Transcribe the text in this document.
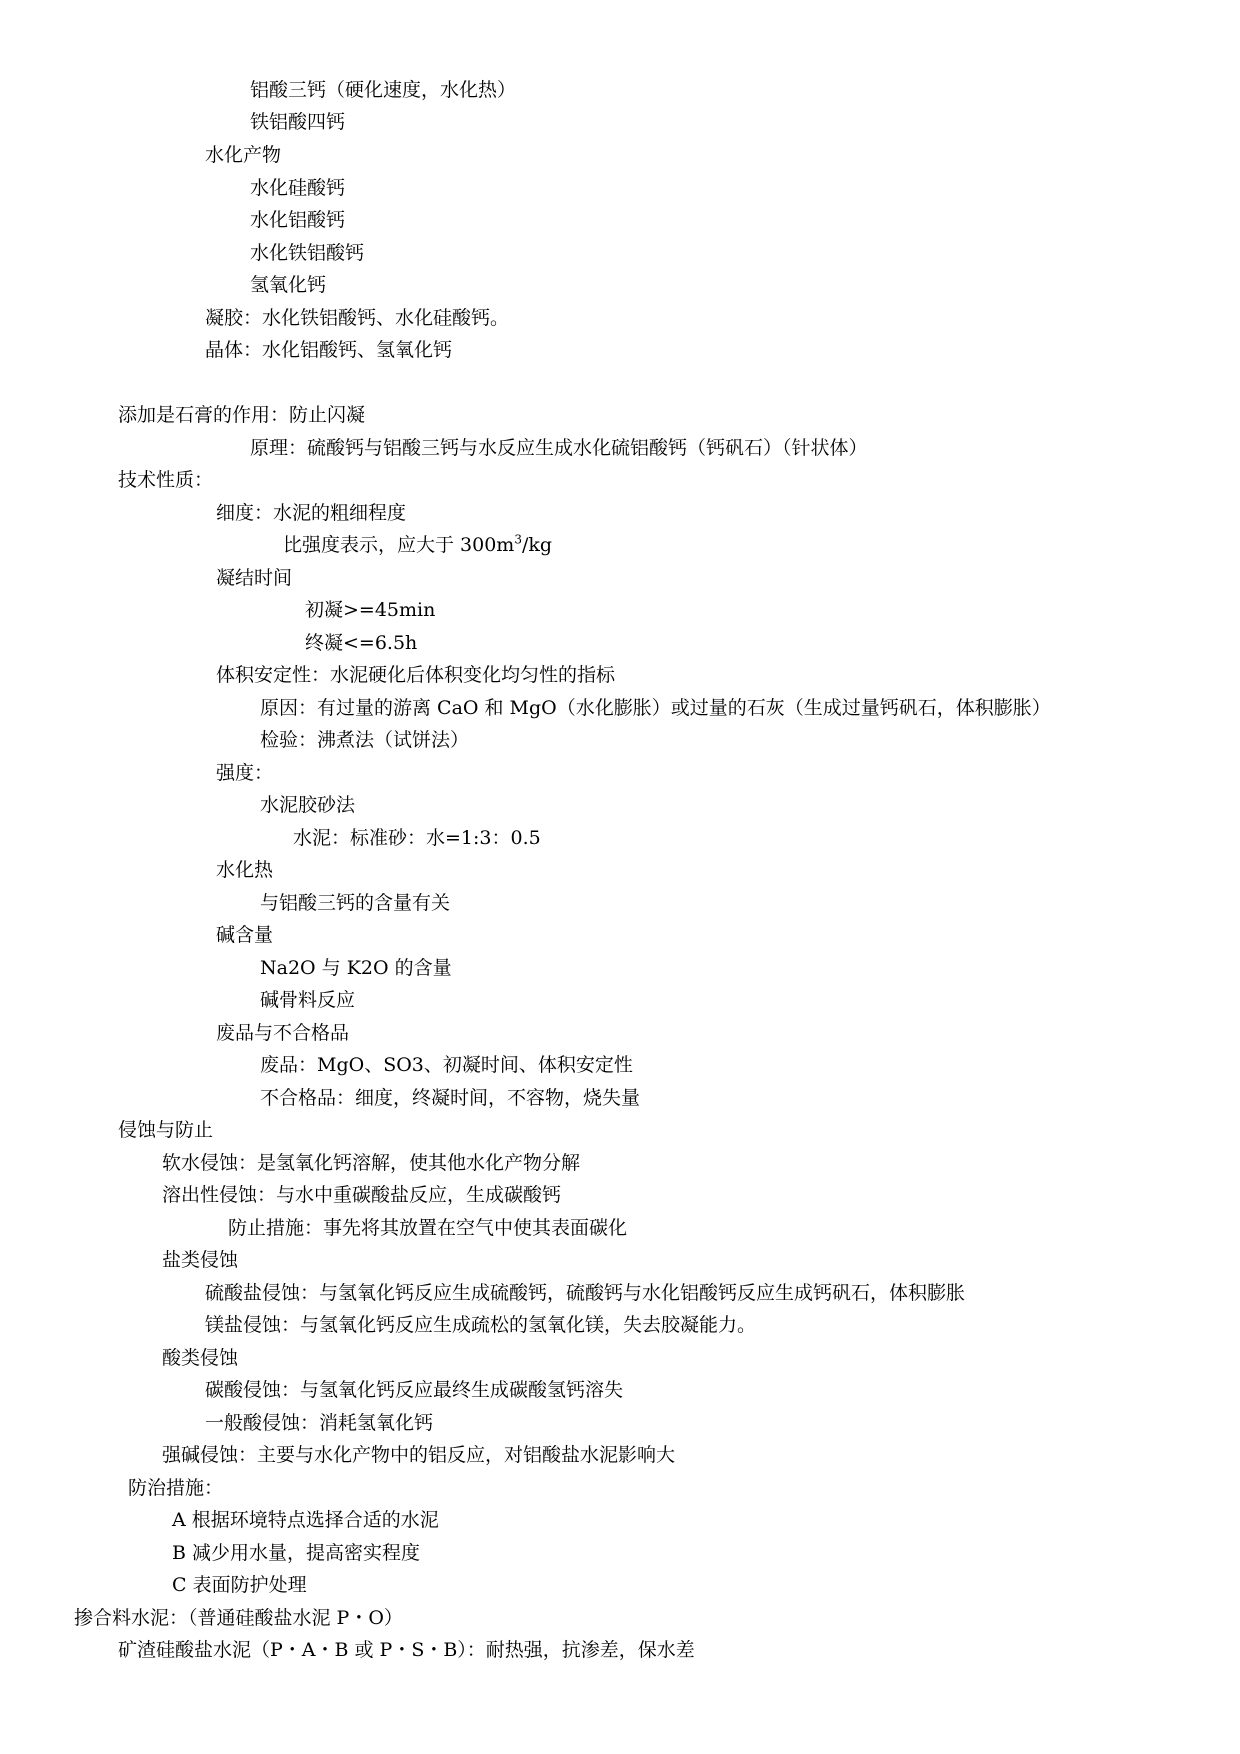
铝酸三钙（硬化速度，水化热）
铁铝酸四钙
水化产物
水化硅酸钙
水化铝酸钙
水化铁铝酸钙
氢氧化钙
凝胶：水化铁铝酸钙、水化硅酸钙。
晶体：水化铝酸钙、氢氧化钙
添加是石膏的作用：防止闪凝
原理：硫酸钙与铝酸三钙与水反应生成水化硫铝酸钙（钙矾石）（针状体）
技术性质：
细度：水泥的粗细程度
比强度表示，应大于 $300m^3/kg$
凝结时间
初凝>=45min
终凝<=6.5h
体积安定性：水泥硬化后体积变化均匀性的指标
原因：有过量的游离 CaO 和 MgO（水化膨胀）或过量的石灰（生成过量钙矾石，体积膨胀）
检验：沸煮法（试饼法）
强度：
水泥胶砂法
水泥：标准砂：水=1:3：0.5
水化热
与铝酸三钙的含量有关
碱含量
Na2O 与 K2O 的含量
碱骨料反应
废品与不合格品
废品：MgO、SO3、初凝时间、体积安定性
不合格品：细度，终凝时间，不容物，烧失量
侵蚀与防止
软水侵蚀：是氢氧化钙溶解，使其他水化产物分解
溶出性侵蚀：与水中重碳酸盐反应，生成碳酸钙
防止措施：事先将其放置在空气中使其表面碳化
盐类侵蚀
硫酸盐侵蚀：与氢氧化钙反应生成硫酸钙，硫酸钙与水化铝酸钙反应生成钙矾石，体积膨胀
镁盐侵蚀：与氢氧化钙反应生成疏松的氢氧化镁，失去胶凝能力。
酸类侵蚀
碳酸侵蚀：与氢氧化钙反应最终生成碳酸氢钙溶失
一般酸侵蚀：消耗氢氧化钙
强碱侵蚀：主要与水化产物中的铝反应，对铝酸盐水泥影响大
防治措施：
A 根据环境特点选择合适的水泥
B 减少用水量，提高密实程度
C 表面防护处理
掺合料水泥：（普通硅酸盐水泥 P・O）
矿渣硅酸盐水泥（P・A・B 或 P・S・B）：耐热强，抗渗差，保水差
